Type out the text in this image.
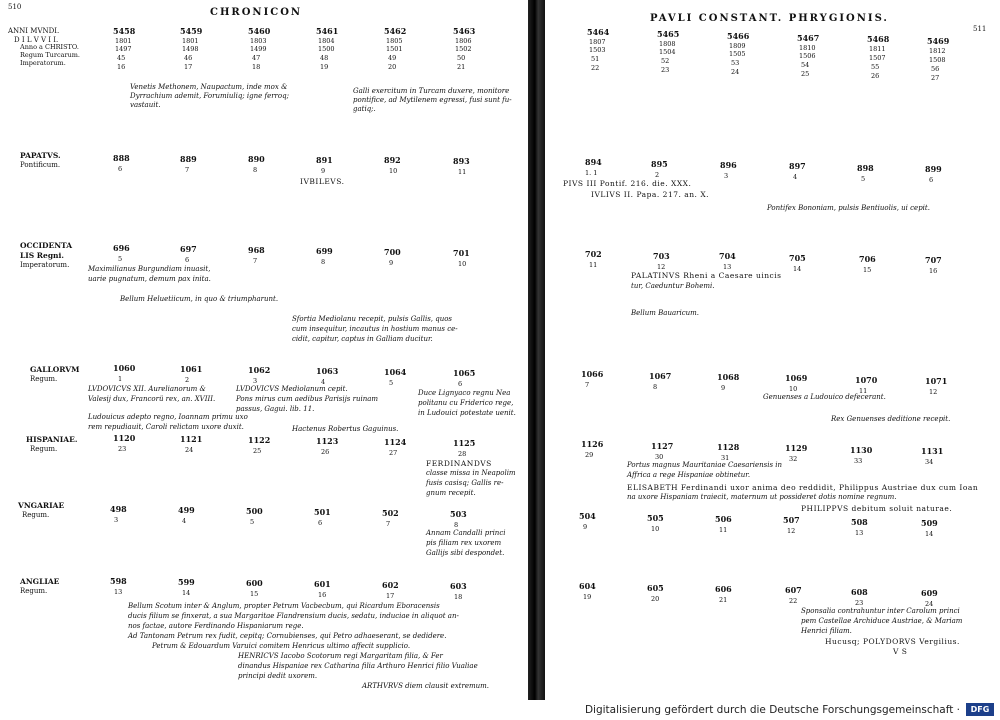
510	CHRONICON
ANNI MVNDI.
D I L V V I I.
Anno a CHRISTO.
Regum Turcarum.
Imperatorum.
5458	5459	5460	5461	5462	5463
1801	1801	1803	1804	1805	1806
1497	1498	1499	1500	1501	1502
45	46	47	48	49	50
16	17	18	19	20	21
Venetis Methonem, Naupactum, inde mox &
Dyrrachium ademit, Forumiuliq; igne ferroq;
vastauit.
Galli exercitum in Turcam duxere, monitore
pontifice, ad Mytilenem egressi, fusi sunt fu-
gatiq;.
PAPATVS.
Pontificum.
888	889	890	891	892	893
6	7	8	9	10	11
IVBILEVS.
OCCIDENTA
LIS Regni.
Imperatorum.
696	697	968	699	700	701
5	6	7	8	9	10
Maximilianus Burgundiam inuasit,
uarie pugnatum, demum pax inita.
Bellum Heluetiicum, in quo & triumpharunt.
Sfortia Mediolanu recepit, pulsis Gallis, quos
cum insequitur, incautus in hostium manus ce-
cidit, capitur, captus in Galliam ducitur.
GALLORVM
Regum.
1060	1061	1062	1063	1064	1065
1	2	3	4	5	6
LVDOVICVS XII. Aurelianorum &
Valesij dux, Francorü rex, an. XVIII.
LVDOVICVS Mediolanum cepit.
Pons mirus cum aedibus Parisijs ruinam
passus, Gagui. lib. 11.
Duce Lignyaco regnu Nea
politanu cu Friderico rege,
in Ludouici potestate uenit.
Ludouicus adepto regno, Ioannam primu uxo
rem repudiauit, Caroli relictam uxore duxit.	Hactenus Robertus Gaguinus.
HISPANIAE.
Regum.
1120	1121	1122	1123	1124	1125
23	24	25	26	27	28
FERDINANDVS
classe missa in Neapolim
fusis casisq; Gallis re-
gnum recepit.
VNGARIAE
Regum.
498	499	500	501	502	503
3	4	5	6	7	8
Annam Candalli princi
pis filiam rex uxorem
Gallijs sibi despondet.
ANGLIAE
Regum.
598	599	600	601	602	603
13	14	15	16	17	18
Bellum Scotum inter & Anglum, propter Petrum Vacbecbum, qui Ricardum Eboracensis
ducis filium se finxerat, a sua Margaritae Flandrensium ducis, sedatu, induciae in aliquot an-
nos factae, autore Ferdinando Hispaniarum rege.
Ad Tantonam Petrum rex fudit, cepitq; Cornubienses, qui Petro adhaeserant, se dedidere.
Petrum & Edouardum Varuici comitem Henricus ultimo affecit supplicio.
HENRICVS Iacobo Scotorum regi Margaritam filia, & Fer
dinandus Hispaniae rex Catharina filia Arthuro Henrici filio Vualiae
principi dedit uxorem.
ARTHVRVS diem clausit extremum.
PAVLI CONSTANT. PHRYGIONIS.
511
5464	5465	5466	5467	5468	5469
1807	1808	1809	1810	1811	1812
1503	1504	1505	1506	1507	1508
51	52	53	54	55	56
22	23	24	25	26	27
894	895	896	897	898	899
1. 1	2	3	4	5	6
PIVS III Pontif. 216. die. XXX.
IVLIVS II. Papa. 217. an. X.
Pontifex Bononiam, pulsis Bentiuolis, ui cepit.
702	703	704	705	706	707
11	12	13	14	15	16
PALATINVS Rheni a Caesare uincis
tur, Caeduntur Bohemi.
Bellum Bauaricum.
1066	1067	1068	1069	1070	1071
7	8	9	10	11	12
Genuenses a Ludouico defecerant.
Rex Genuenses deditione recepit.
1126	1127	1128	1129	1130	1131
29	30	31	32	33	34
Portus magnus Mauritaniae Caesariensis in
Affrica a rege Hispaniae obtinetur.
ELISABETH Ferdinandi uxor anima deo reddidit, Philippus Austriae dux cum Ioan
na uxore Hispaniam traiecit, maternum ut possideret dotis nomine regnum.
PHILIPPVS debitum soluit naturae.
504	505	506	507	508	509
9	10	11	12	13	14
604	605	606	607	608	609
19	20	21	22	23	24
Sponsalia contrahuntur inter Carolum princi
pem Castellae Archiduce Austriae, & Mariam
Henrici filiam.
Hucusq; POLYDORVS Vergilius.
V S
Digitalisierung gefördert durch die Deutsche Forschungsgemeinschaft ·	DFG
